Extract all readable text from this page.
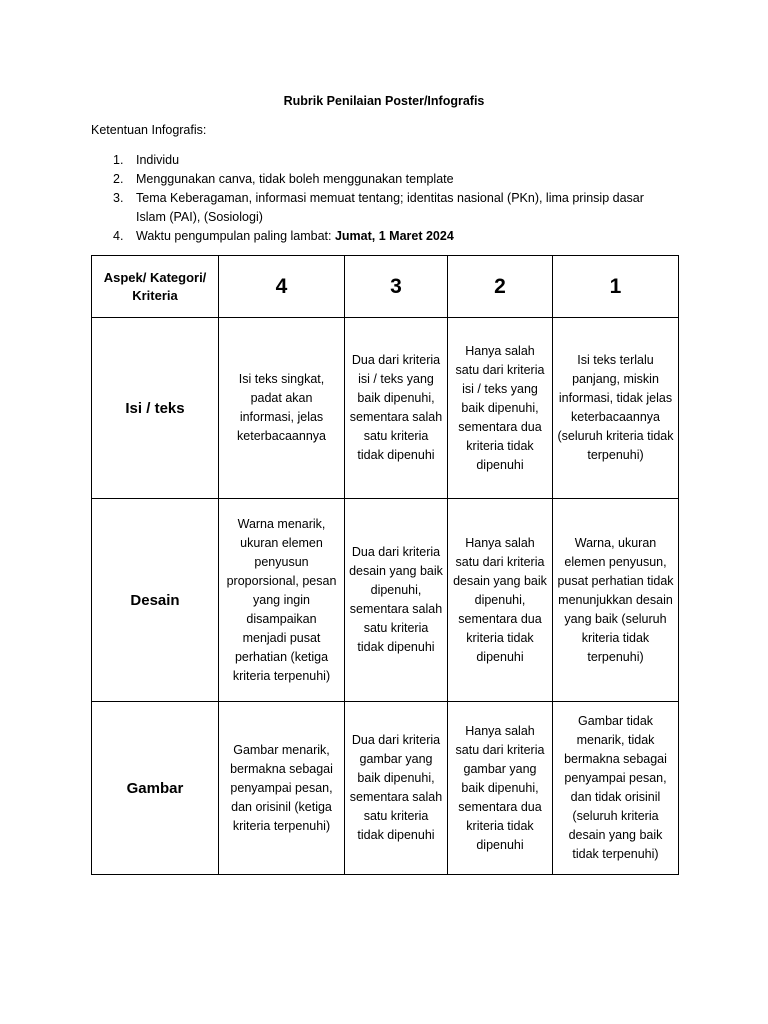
Rubrik Penilaian Poster/Infografis
Ketentuan Infografis:
1. Individu
2. Menggunakan canva, tidak boleh menggunakan template
3. Tema Keberagaman, informasi memuat tentang; identitas nasional (PKn), lima prinsip dasar Islam (PAI), (Sosiologi)
4. Waktu pengumpulan paling lambat: Jumat, 1 Maret 2024
Aspek/ Kategori/ Kriteria	4	3	2	1
Isi / teks	Isi teks singkat, padat akan informasi, jelas keterbacaannya	Dua dari kriteria isi / teks yang baik dipenuhi, sementara salah satu kriteria tidak dipenuhi	Hanya salah satu dari kriteria isi / teks yang baik dipenuhi, sementara dua kriteria tidak dipenuhi	Isi teks terlalu panjang, miskin informasi, tidak jelas keterbacaannya (seluruh kriteria tidak terpenuhi)
Desain	Warna menarik, ukuran elemen penyusun proporsional, pesan yang ingin disampaikan menjadi pusat perhatian (ketiga kriteria terpenuhi)	Dua dari kriteria desain yang baik dipenuhi, sementara salah satu kriteria tidak dipenuhi	Hanya salah satu dari kriteria desain yang baik dipenuhi, sementara dua kriteria tidak dipenuhi	Warna, ukuran elemen penyusun, pusat perhatian tidak menunjukkan desain yang baik (seluruh kriteria tidak terpenuhi)
Gambar	Gambar menarik, bermakna sebagai penyampai pesan, dan orisinil (ketiga kriteria terpenuhi)	Dua dari kriteria gambar yang baik dipenuhi, sementara salah satu kriteria tidak dipenuhi	Hanya salah satu dari kriteria gambar yang baik dipenuhi, sementara dua kriteria tidak dipenuhi	Gambar tidak menarik, tidak bermakna sebagai penyampai pesan, dan tidak orisinil (seluruh kriteria desain yang baik tidak terpenuhi)
